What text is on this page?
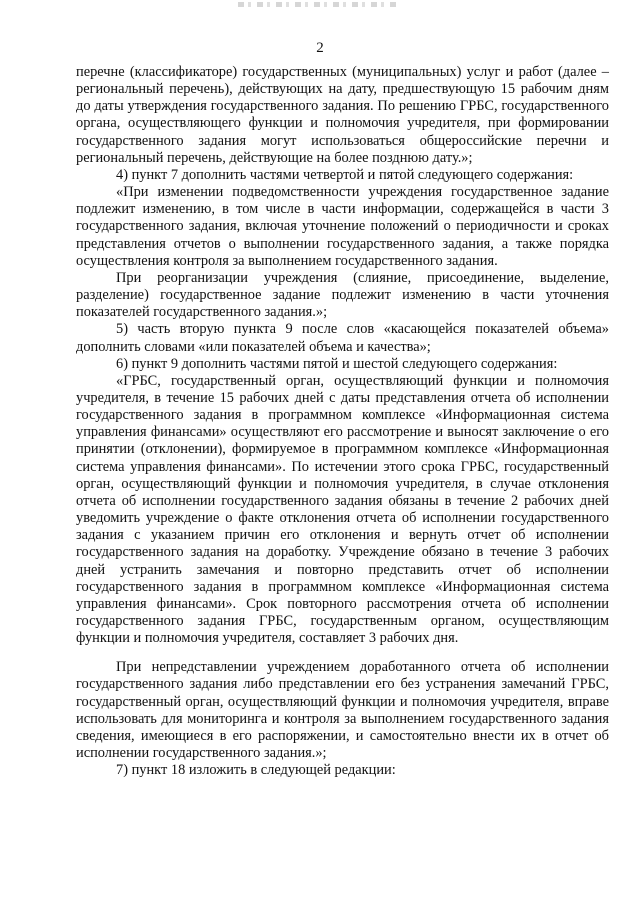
2

перечне (классификаторе) государственных (муниципальных) услуг и работ (далее – региональный перечень), действующих на дату, предшествующую 15 рабочим дням до даты утверждения государственного задания. По решению ГРБС, государственного органа, осуществляющего функции и полномочия учредителя, при формировании государственного задания могут использоваться общероссийские перечни и региональный перечень, действующие на более позднюю дату.»;

4) пункт 7 дополнить частями четвертой и пятой следующего содержания:

«При изменении подведомственности учреждения государственное задание подлежит изменению, в том числе в части информации, содержащейся в части 3 государственного задания, включая уточнение положений о периодичности и сроках представления отчетов о выполнении государственного задания, а также порядка осуществления контроля за выполнением государственного задания.

При реорганизации учреждения (слияние, присоединение, выделение, разделение) государственное задание подлежит изменению в части уточнения показателей государственного задания.»;

5) часть вторую пункта 9 после слов «касающейся показателей объема» дополнить словами «или показателей объема и качества»;

6) пункт 9 дополнить частями пятой и шестой следующего содержания:

«ГРБС, государственный орган, осуществляющий функции и полномочия учредителя, в течение 15 рабочих дней с даты представления отчета об исполнении государственного задания в программном комплексе «Информационная система управления финансами» осуществляют его рассмотрение и выносят заключение о его принятии (отклонении), формируемое в программном комплексе «Информационная система управления финансами». По истечении этого срока ГРБС, государственный орган, осуществляющий функции и полномочия учредителя, в случае отклонения отчета об исполнении государственного задания обязаны в течение 2 рабочих дней уведомить учреждение о факте отклонения отчета об исполнении государственного задания с указанием причин его отклонения и вернуть отчет об исполнении государственного задания на доработку. Учреждение обязано в течение 3 рабочих дней устранить замечания и повторно представить отчет об исполнении государственного задания в программном комплексе «Информационная система управления финансами». Срок повторного рассмотрения отчета об исполнении государственного задания ГРБС, государственным органом, осуществляющим функции и полномочия учредителя, составляет 3 рабочих дня.

При непредставлении учреждением доработанного отчета об исполнении государственного задания либо представлении его без устранения замечаний ГРБС, государственный орган, осуществляющий функции и полномочия учредителя, вправе использовать для мониторинга и контроля за выполнением государственного задания сведения, имеющиеся в его распоряжении, и самостоятельно внести их в отчет об исполнении государственного задания.»;

7) пункт 18 изложить в следующей редакции:
